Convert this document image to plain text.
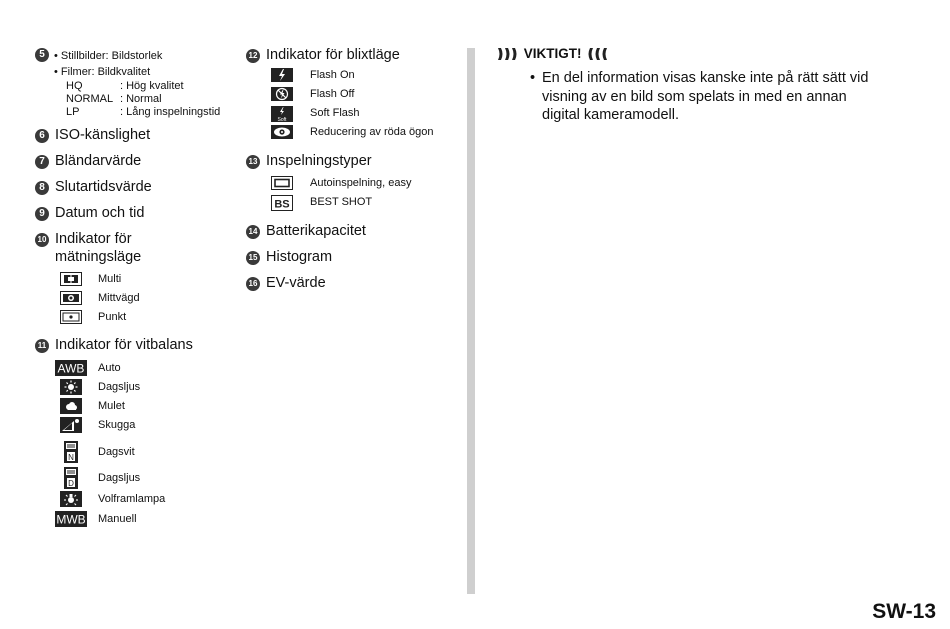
5 • Stillbilder: Bildstorlek
• Filmer: Bildkvalitet
HQ	: Hög kvalitet
NORMAL : Normal
LP	: Lång inspelningstid
6 ISO-känslighet
7 Bländarvärde
8 Slutartidsvärde
9 Datum och tid
10 Indikator för
mätningsläge
Multi
Mittvägd
Punkt
11 Indikator för vitbalans
AWB Auto
Dagsljus
Mulet
Skugga
N Dagsvit
D Dagsljus
Volframlampa
MWB Manuell
12 Indikator för blixtläge
Flash On
Flash Off
Soft
Soft Flash
Reducering av röda ögon
13 Inspelningstyper
Autoinspelning, easy
BS BEST SHOT
14 Batterikapacitet
15 Histogram
16 EV-värde
VIKTIGT!
• En del information visas kanske inte på rätt sätt vid
visning av en bild som spelats in med en annan
digital kameramodell.
SW-13
